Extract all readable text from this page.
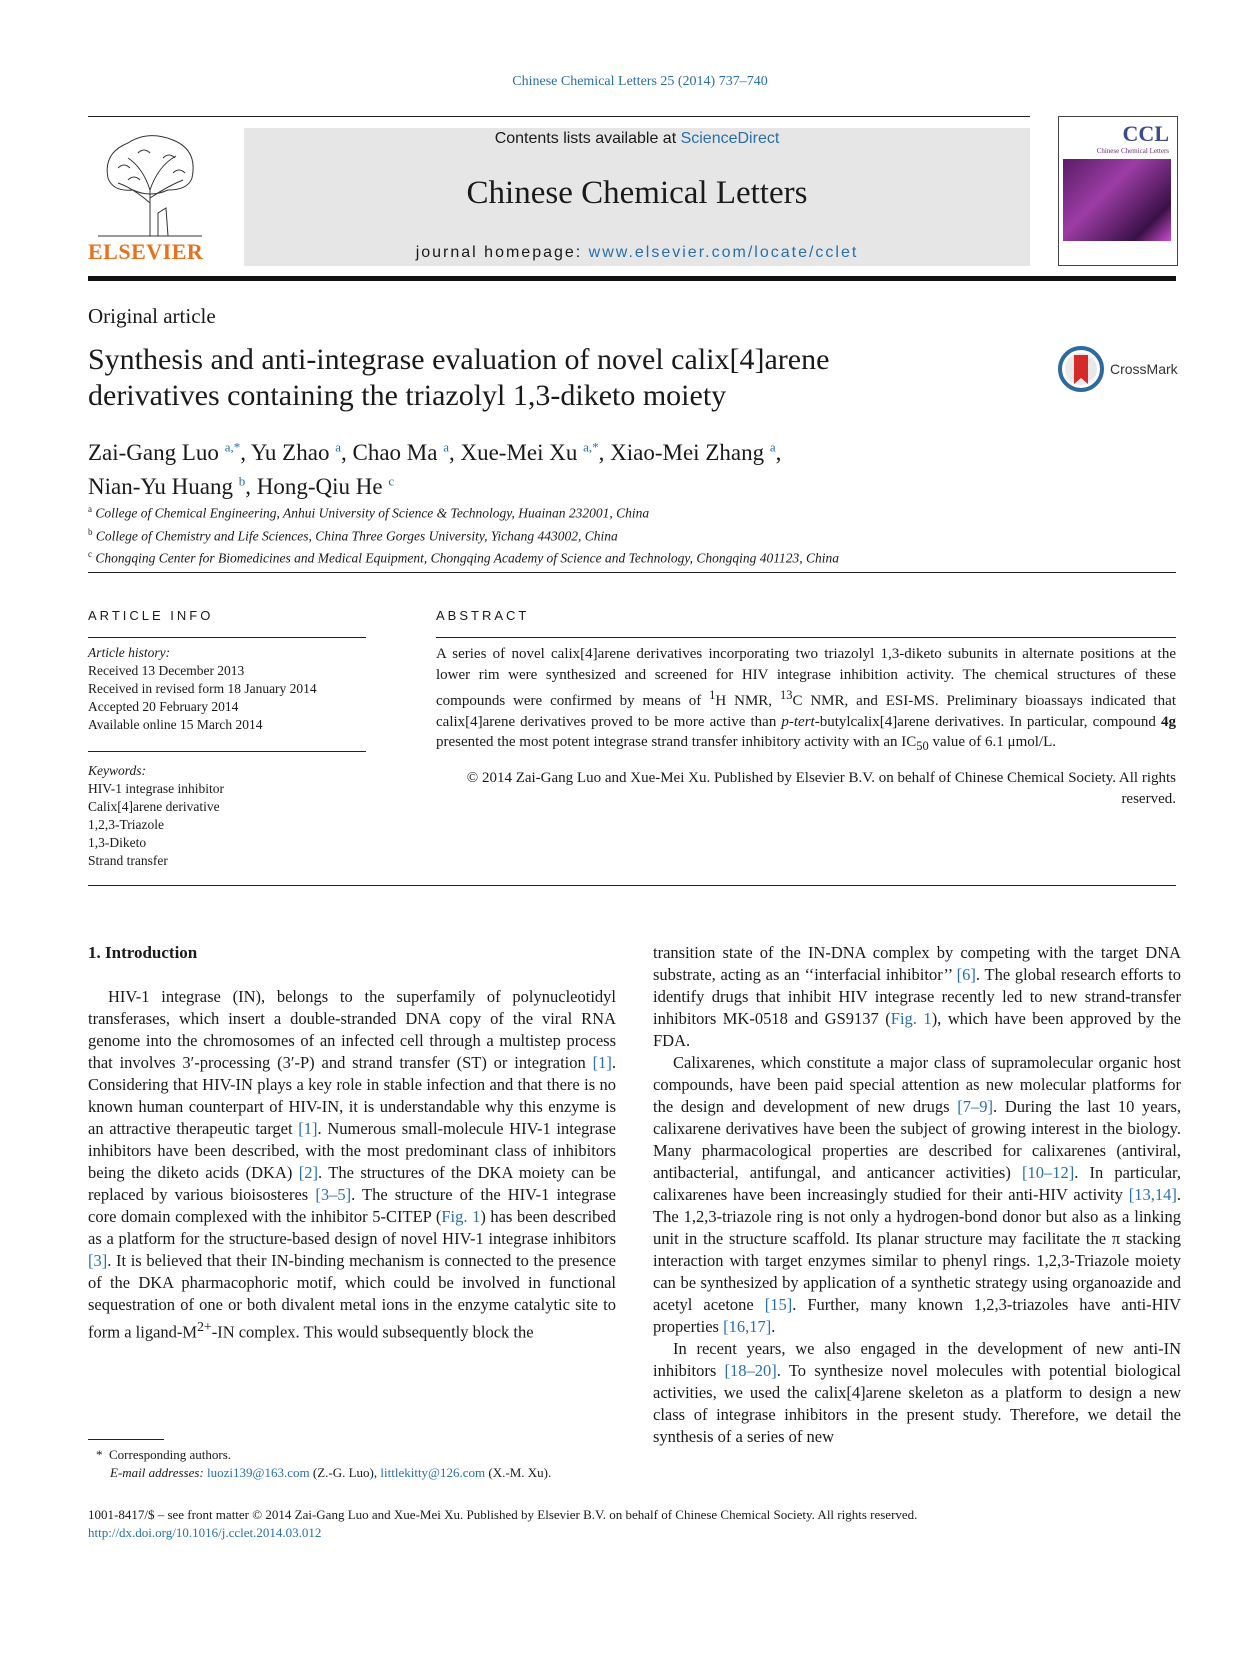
Chinese Chemical Letters 25 (2014) 737–740
ELSEVIER
Contents lists available at ScienceDirect
Chinese Chemical Letters
journal homepage: www.elsevier.com/locate/cclet
CCL
Chinese Chemical Letters
Original article
Synthesis and anti-integrase evaluation of novel calix[4]arene
derivatives containing the triazolyl 1,3-diketo moiety
CrossMark
Zai-Gang Luo $^{a,*}$, Yu Zhao $^a$, Chao Ma $^a$, Xue-Mei Xu $^{a,*}$, Xiao-Mei Zhang $^a$,
Nian-Yu Huang $^b$, Hong-Qiu He $^c$
$^a$ College of Chemical Engineering, Anhui University of Science & Technology, Huainan 232001, China
$^b$ College of Chemistry and Life Sciences, China Three Gorges University, Yichang 443002, China
$^c$ Chongqing Center for Biomedicines and Medical Equipment, Chongqing Academy of Science and Technology, Chongqing 401123, China
ARTICLE INFO	ABSTRACT
Article history:
Received 13 December 2013
Received in revised form 18 January 2014
Accepted 20 February 2014
Available online 15 March 2014
Keywords:
HIV-1 integrase inhibitor
Calix[4]arene derivative
1,2,3-Triazole
1,3-Diketo
Strand transfer
A series of novel calix[4]arene derivatives incorporating two triazolyl 1,3-diketo subunits in alternate positions at the lower rim were synthesized and screened for HIV integrase inhibition activity. The chemical structures of these compounds were confirmed by means of $^1$H NMR, $^{13}$C NMR, and ESI-MS. Preliminary bioassays indicated that calix[4]arene derivatives proved to be more active than p-tert-butylcalix[4]arene derivatives. In particular, compound 4g presented the most potent integrase strand transfer inhibitory activity with an $IC_{50}$ value of 6.1 μmol/L.
© 2014 Zai-Gang Luo and Xue-Mei Xu. Published by Elsevier B.V. on behalf of Chinese Chemical Society. All rights reserved.
1. Introduction

HIV-1 integrase (IN), belongs to the superfamily of polynucleotidyl transferases, which insert a double-stranded DNA copy of the viral RNA genome into the chromosomes of an infected cell through a multistep process that involves 3′-processing (3′-P) and strand transfer (ST) or integration [1]. Considering that HIV-IN plays a key role in stable infection and that there is no known human counterpart of HIV-IN, it is understandable why this enzyme is an attractive therapeutic target [1]. Numerous small-molecule HIV-1 integrase inhibitors have been described, with the most predominant class of inhibitors being the diketo acids (DKA) [2]. The structures of the DKA moiety can be replaced by various bioisosteres [3–5]. The structure of the HIV-1 integrase core domain complexed with the inhibitor 5-CITEP (Fig. 1) has been described as a platform for the structure-based design of novel HIV-1 integrase inhibitors [3]. It is believed that their IN-binding mechanism is connected to the presence of the DKA pharmacophoric motif, which could be involved in functional sequestration of one or both divalent metal ions in the enzyme catalytic site to form a ligand-$M^{2+}-IN$ complex. This would subsequently block the

transition state of the IN-DNA complex by competing with the target DNA substrate, acting as an ‘‘interfacial inhibitor’’ [6]. The global research efforts to identify drugs that inhibit HIV integrase recently led to new strand-transfer inhibitors MK-0518 and GS9137 (Fig. 1), which have been approved by the FDA.

Calixarenes, which constitute a major class of supramolecular organic host compounds, have been paid special attention as new molecular platforms for the design and development of new drugs [7–9]. During the last 10 years, calixarene derivatives have been the subject of growing interest in the biology. Many pharmacological properties are described for calixarenes (antiviral, antibacterial, antifungal, and anticancer activities) [10–12]. In particular, calixarenes have been increasingly studied for their anti-HIV activity [13,14]. The 1,2,3-triazole ring is not only a hydrogen-bond donor but also as a linking unit in the structure scaffold. Its planar structure may facilitate the π stacking interaction with target enzymes similar to phenyl rings. 1,2,3-Triazole moiety can be synthesized by application of a synthetic strategy using organoazide and acetyl acetone [15]. Further, many known 1,2,3-triazoles have anti-HIV properties [16,17].

In recent years, we also engaged in the development of new anti-IN inhibitors [18–20]. To synthesize novel molecules with potential biological activities, we used the calix[4]arene skeleton as a platform to design a new class of integrase inhibitors in the present study. Therefore, we detail the synthesis of a series of new

* Corresponding authors.
E-mail addresses: luozi139@163.com (Z.-G. Luo), littlekitty@126.com (X.-M. Xu).
1001-8417/$ – see front matter © 2014 Zai-Gang Luo and Xue-Mei Xu. Published by Elsevier B.V. on behalf of Chinese Chemical Society. All rights reserved.
http://dx.doi.org/10.1016/j.cclet.2014.03.012
